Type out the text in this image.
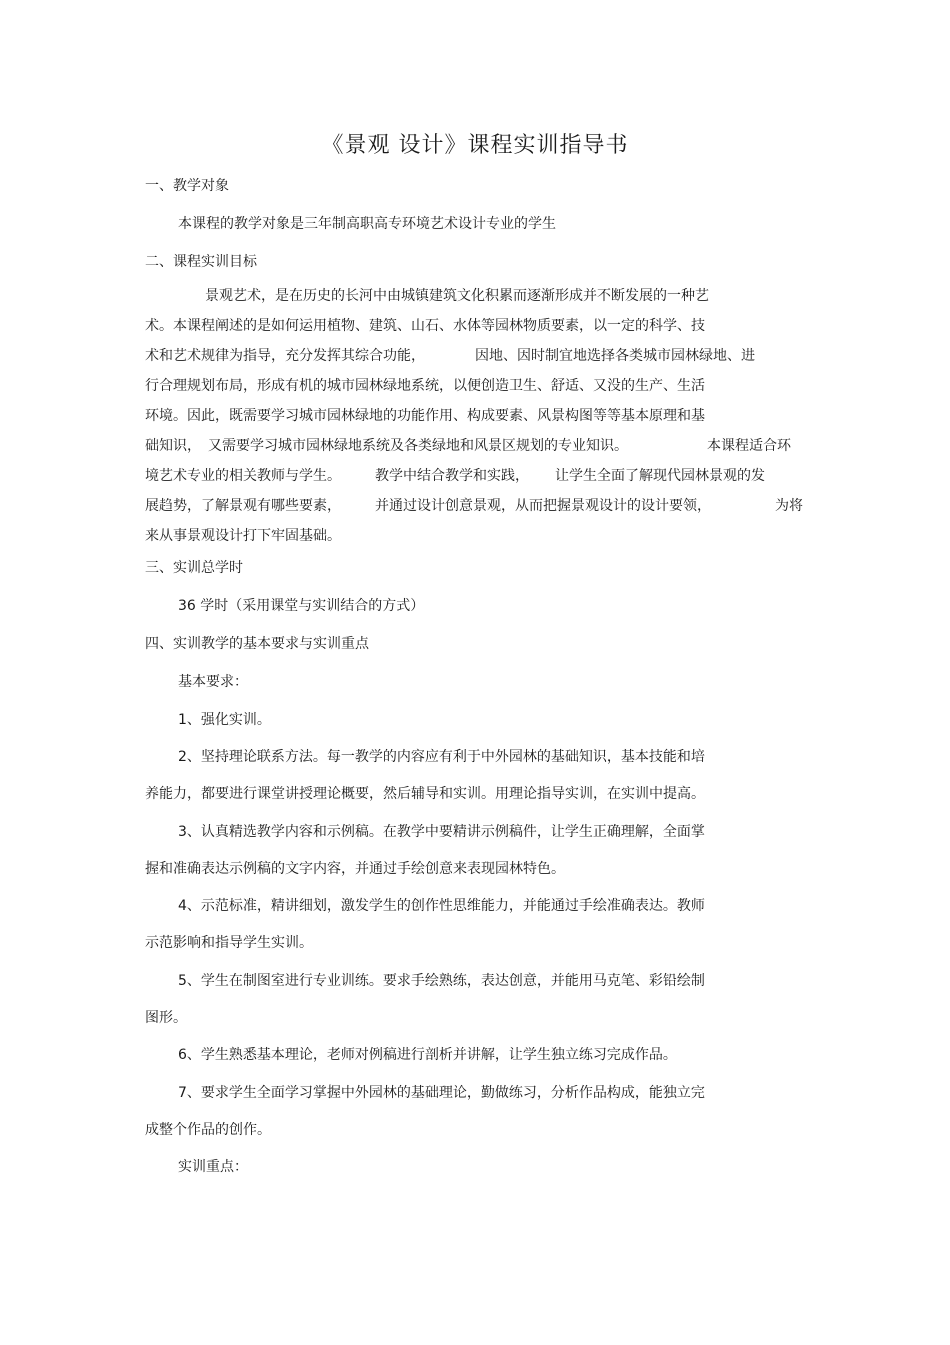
《景观 设计》课程实训指导书
一、教学对象
本课程的教学对象是三年制高职高专环境艺术设计专业的学生
二、课程实训目标
景观艺术，是在历史的长河中由城镇建筑文化积累而逐渐形成并不断发展的一种艺
术。本课程阐述的是如何运用植物、建筑、山石、水体等园林物质要素，以一定的科学、技
术和艺术规律为指导，充分发挥其综合功能，	因地、因时制宜地选择各类城市园林绿地、进
行合理规划布局，形成有机的城市园林绿地系统，以便创造卫生、舒适、又没的生产、生活
环境。因此，既需要学习城市园林绿地的功能作用、构成要素、风景构图等等基本原理和基
础知识， 又需要学习城市园林绿地系统及各类绿地和风景区规划的专业知识。	本课程适合环
境艺术专业的相关教师与学生。 教学中结合教学和实践， 让学生全面了解现代园林景观的发
展趋势，了解景观有哪些要素， 并通过设计创意景观，从而把握景观设计的设计要领，	为将
来从事景观设计打下牢固基础。
三、实训总学时
36 学时（采用课堂与实训结合的方式）
四、实训教学的基本要求与实训重点
基本要求：
1、强化实训。
2、坚持理论联系方法。每一教学的内容应有利于中外园林的基础知识，基本技能和培
养能力，都要进行课堂讲授理论概要，然后辅导和实训。用理论指导实训，在实训中提高。
3、认真精选教学内容和示例稿。在教学中要精讲示例稿件，让学生正确理解，全面掌
握和准确表达示例稿的文字内容，并通过手绘创意来表现园林特色。
4、示范标准，精讲细划，激发学生的创作性思维能力，并能通过手绘准确表达。教师
示范影响和指导学生实训。
5、学生在制图室进行专业训练。要求手绘熟练，表达创意，并能用马克笔、彩铅绘制
图形。
6、学生熟悉基本理论，老师对例稿进行剖析并讲解，让学生独立练习完成作品。
7、要求学生全面学习掌握中外园林的基础理论，勤做练习，分析作品构成，能独立完
成整个作品的创作。
实训重点：
